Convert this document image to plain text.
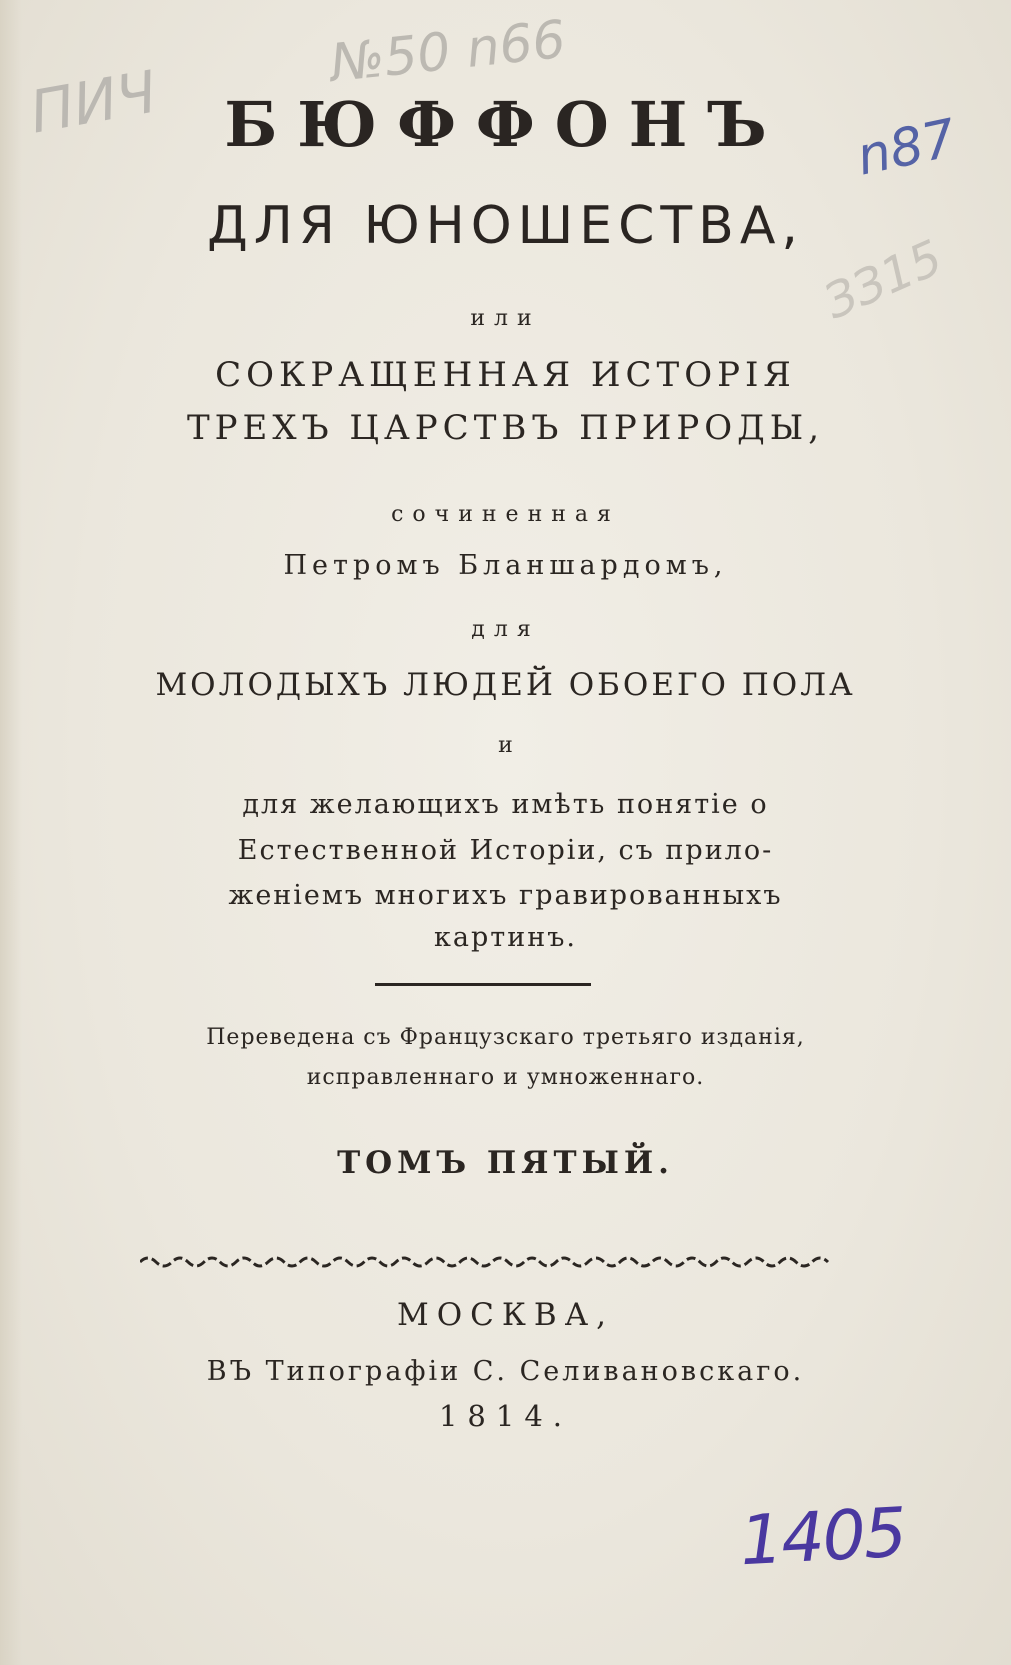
БЮФФОНЪ
ДЛЯ ЮНОШЕСТВА,
или
СОКРАЩЕННАЯ ИСТОРІЯ
ТРЕХЪ ЦАРСТВЪ ПРИРОДЫ,
сочиненная
Петромъ Бланшардомъ,
для
МОЛОДЫХЪ ЛЮДЕЙ ОБОЕГО ПОЛА
и
для желающихъ имѣть понятіе о
Естественной Исторіи, съ прило-
женіемъ многихъ гравированныхъ
картинъ.
Переведена съ Французскаго третьяго изданія,
исправленнаго и умноженнаго.
ТОМЪ ПЯТЫЙ.
МОСКВА,
ВЪ Типографіи С. Селивановскаго.
1814.
ПИЧ
№50 n66
n87
ЗЗ15
1405
